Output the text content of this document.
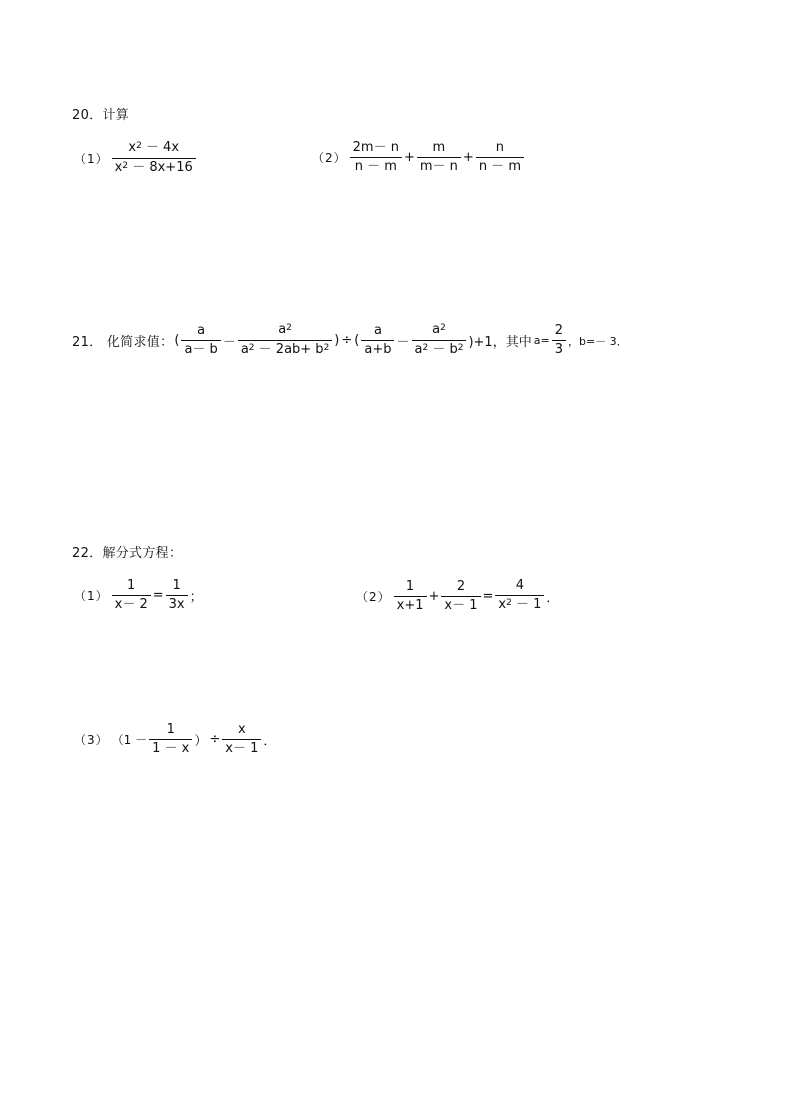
20．计算
$(1) \frac{x^2 - 4x}{x^2 - 8x+16}$	$(2) \frac{2m- n}{n - m} + \frac{m}{m- n} + \frac{n}{n - m}$
21． 化简求值： ( $\frac{a}{a- b} - \frac{a^2}{a^2 - 2ab+ b^2}$ ) ÷ ( $\frac{a}{a+b} - \frac{a^2}{a^2 - b^2} )+1$，其中 $a= \frac{2}{3}$ ，b=－ 3．
22．解分式方程：
$(1) \frac{1}{x- 2} = \frac{1}{3x}$ ；	$(2) \frac{1}{x+1} + \frac{2}{x- 1} = \frac{4}{x^2 - 1}$ ．
（3） （$1 - \frac{1}{1 - x}$ ） ÷ $\frac{x}{x- 1}$ ．
